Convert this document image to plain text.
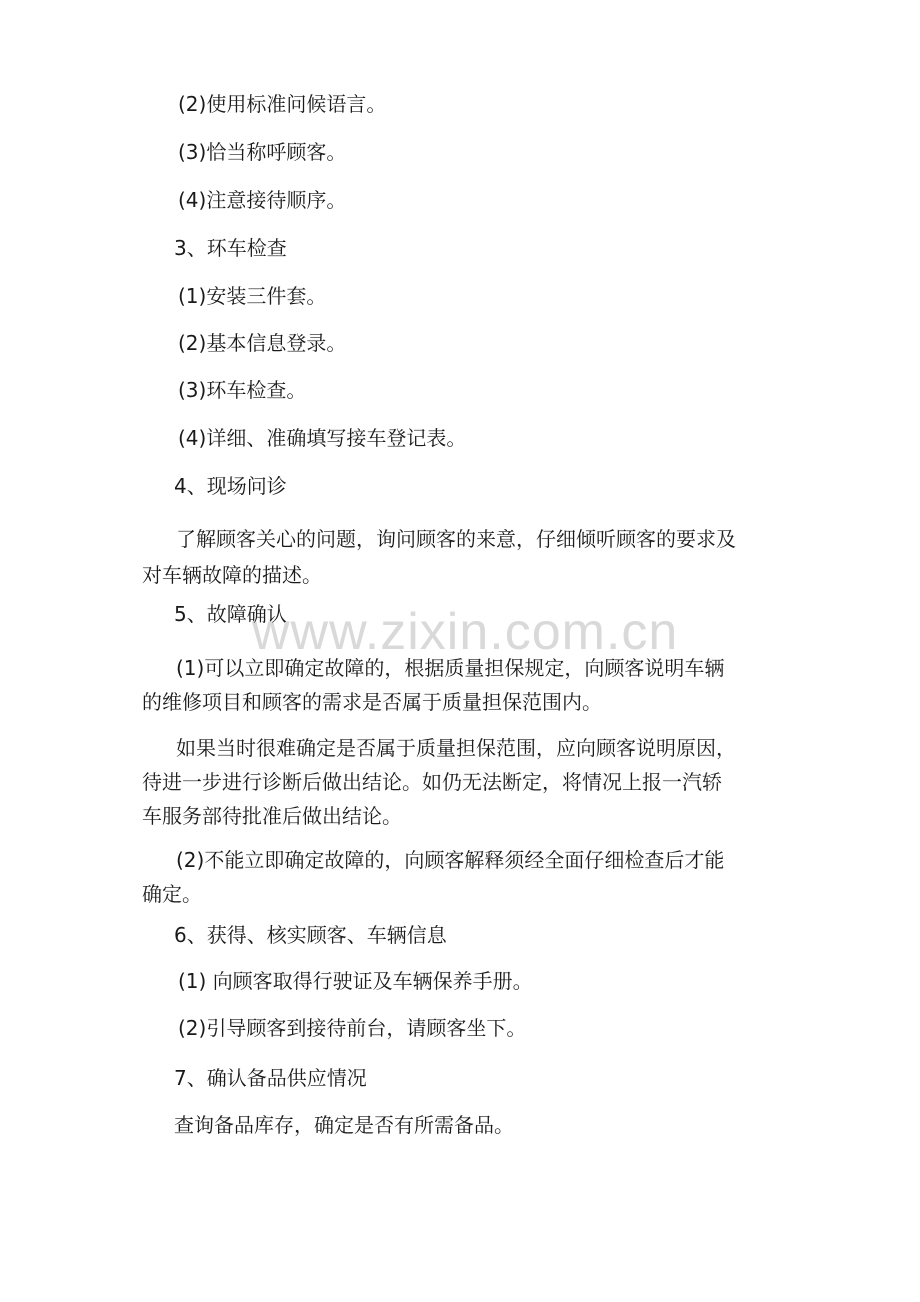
www.zixin.com.cn
(2)使用标准问候语言。
(3)恰当称呼顾客。
(4)注意接待顺序。
3、环车检查
(1)安装三件套。
(2)基本信息登录。
(3)环车检查。
(4)详细、准确填写接车登记表。
4、现场问诊
了解顾客关心的问题，询问顾客的来意，仔细倾听顾客的要求及
对车辆故障的描述。
5、故障确认
(1)可以立即确定故障的，根据质量担保规定，向顾客说明车辆
的维修项目和顾客的需求是否属于质量担保范围内。
如果当时很难确定是否属于质量担保范围，应向顾客说明原因，
待进一步进行诊断后做出结论。如仍无法断定，将情况上报一汽轿
车服务部待批准后做出结论。
(2)不能立即确定故障的，向顾客解释须经全面仔细检查后才能
确定。
6、获得、核实顾客、车辆信息
(1) 向顾客取得行驶证及车辆保养手册。
(2)引导顾客到接待前台，请顾客坐下。
7、确认备品供应情况
查询备品库存，确定是否有所需备品。
